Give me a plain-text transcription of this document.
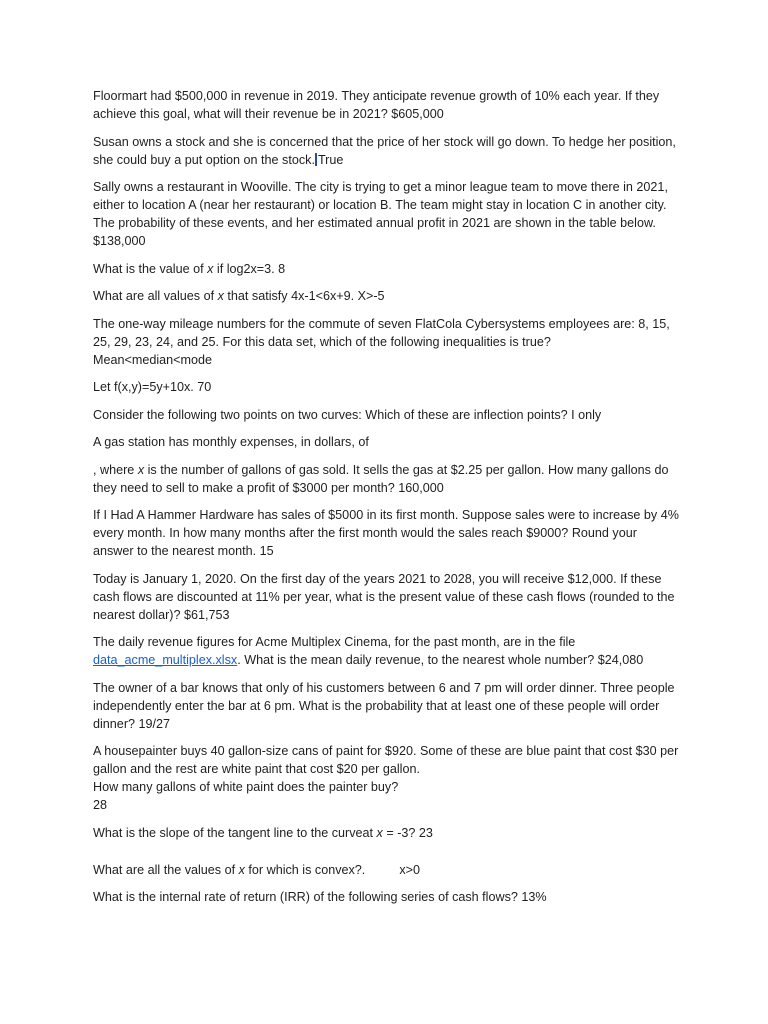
Floormart had $500,000 in revenue in 2019. They anticipate revenue growth of 10% each year. If they achieve this goal, what will their revenue be in 2021? $605,000

Susan owns a stock and she is concerned that the price of her stock will go down. To hedge her position, she could buy a put option on the stock. True

Sally owns a restaurant in Wooville. The city is trying to get a minor league team to move there in 2021, either to location A (near her restaurant) or location B. The team might stay in location C in another city. The probability of these events, and her estimated annual profit in 2021 are shown in the table below. $138,000

What is the value of x if log2x=3. 8

What are all values of x that satisfy 4x-1<6x+9. X>-5

The one-way mileage numbers for the commute of seven FlatCola Cybersystems employees are: 8, 15, 25, 29, 23, 24, and 25. For this data set, which of the following inequalities is true?
Mean<median<mode

Let f(x,y)=5y+10x. 70

Consider the following two points on two curves: Which of these are inflection points? I only

A gas station has monthly expenses, in dollars, of

, where x is the number of gallons of gas sold. It sells the gas at $2.25 per gallon. How many gallons do they need to sell to make a profit of $3000 per month? 160,000

If I Had A Hammer Hardware has sales of $5000 in its first month. Suppose sales were to increase by 4% every month. In how many months after the first month would the sales reach $9000? Round your answer to the nearest month. 15

Today is January 1, 2020. On the first day of the years 2021 to 2028, you will receive $12,000. If these cash flows are discounted at 11% per year, what is the present value of these cash flows (rounded to the nearest dollar)? $61,753

The daily revenue figures for Acme Multiplex Cinema, for the past month, are in the file data_acme_multiplex.xlsx. What is the mean daily revenue, to the nearest whole number? $24,080

The owner of a bar knows that only of his customers between 6 and 7 pm will order dinner. Three people independently enter the bar at 6 pm. What is the probability that at least one of these people will order dinner? 19/27

A housepainter buys 40 gallon-size cans of paint for $920. Some of these are blue paint that cost $30 per gallon and the rest are white paint that cost $20 per gallon.
How many gallons of white paint does the painter buy?
28

What is the slope of the tangent line to the curveat x = -3? 23

What are all the values of x for which is convex?.	x>0

What is the internal rate of return (IRR) of the following series of cash flows? 13%
